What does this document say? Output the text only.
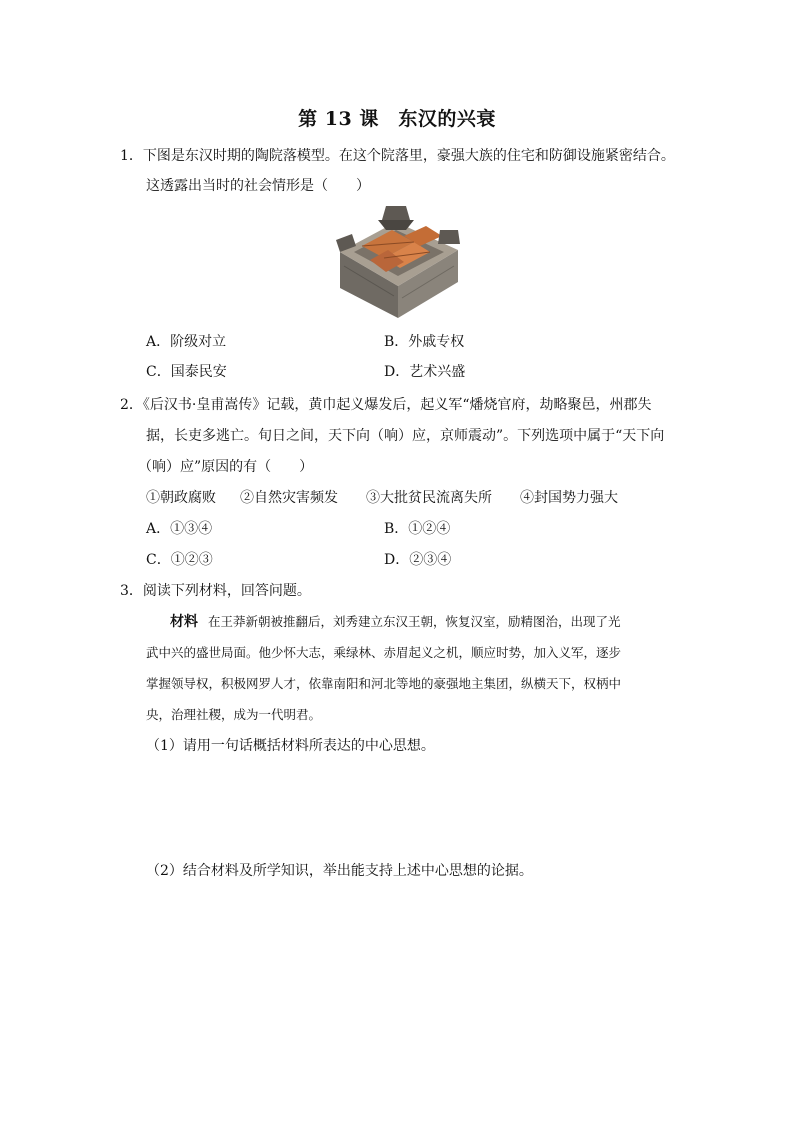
第 13 课　东汉的兴衰
1．下图是东汉时期的陶院落模型。在这个院落里，豪强大族的住宅和防御设施紧密结合。
这透露出当时的社会情形是（　　）
A．阶级对立	B．外戚专权
C．国泰民安	D．艺术兴盛
2．《后汉书·皇甫嵩传》记载，黄巾起义爆发后，起义军“燔烧官府，劫略聚邑，州郡失
据，长吏多逃亡。旬日之间，天下向（响）应，京师震动”。下列选项中属于“天下向
（响）应”原因的有（　　）
①朝政腐败 ②自然灾害频发 ③大批贫民流离失所 ④封国势力强大
A．①③④	B．①②④
C．①②③	D．②③④
3．阅读下列材料，回答问题。
材料 在王莽新朝被推翻后，刘秀建立东汉王朝，恢复汉室，励精图治，出现了光
武中兴的盛世局面。他少怀大志，乘绿林、赤眉起义之机，顺应时势，加入义军，逐步
掌握领导权，积极网罗人才，依靠南阳和河北等地的豪强地主集团，纵横天下，权柄中
央，治理社稷，成为一代明君。
（1）请用一句话概括材料所表达的中心思想。
（2）结合材料及所学知识，举出能支持上述中心思想的论据。
